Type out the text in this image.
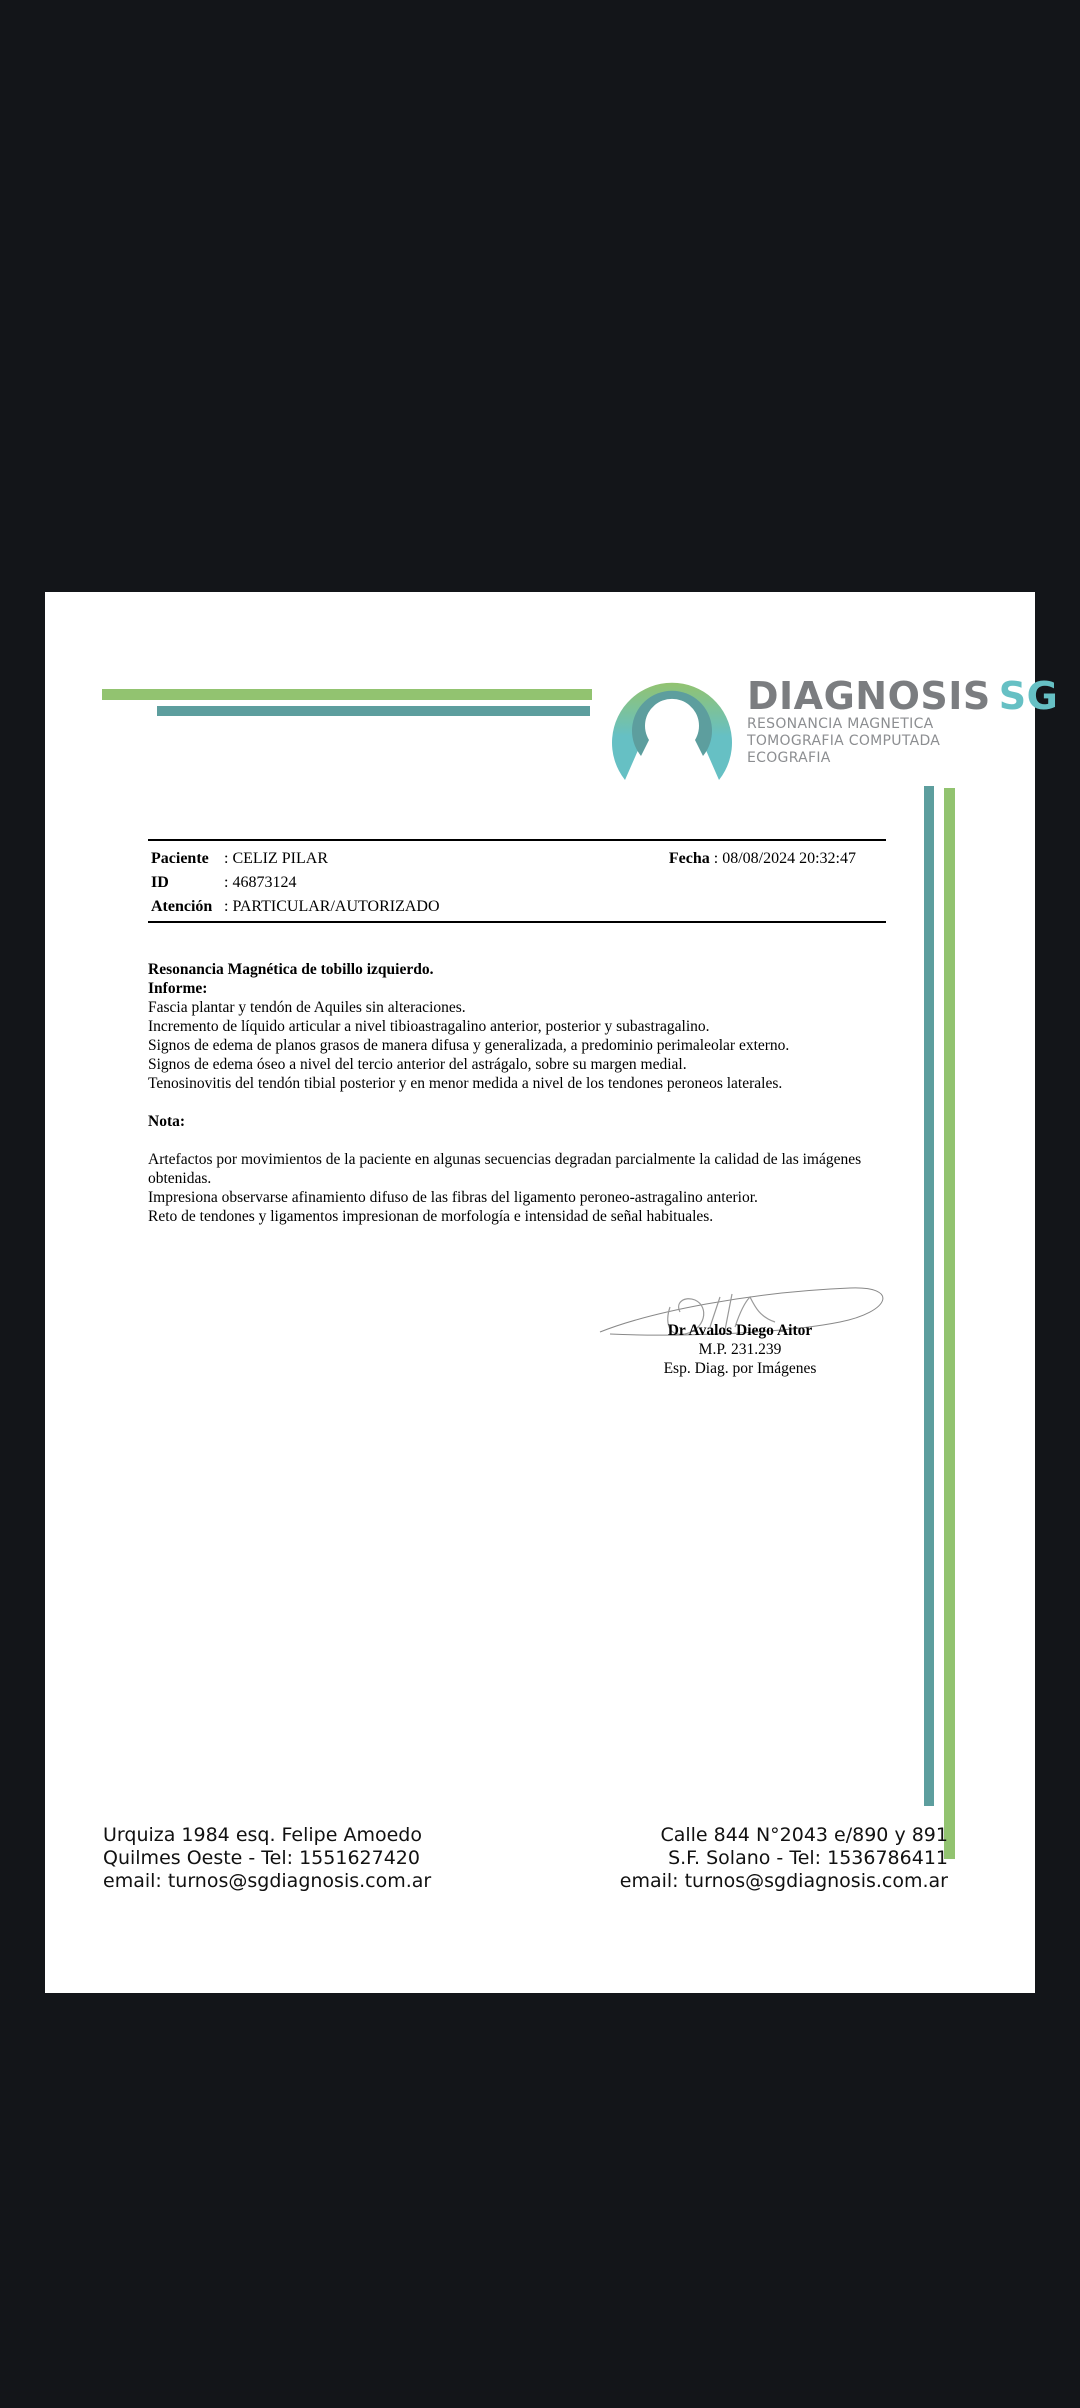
DIAGNOSIS SG
RESONANCIA MAGNETICA
TOMOGRAFIA COMPUTADA
ECOGRAFIA
Paciente : CELIZ PILAR
ID	: 46873124
Atención : PARTICULAR/AUTORIZADO
Fecha : 08/08/2024 20:32:47
Resonancia Magnética de tobillo izquierdo.
Informe:
Fascia plantar y tendón de Aquiles sin alteraciones.
Incremento de líquido articular a nivel tibioastragalino anterior, posterior y subastragalino.
Signos de edema de planos grasos de manera difusa y generalizada, a predominio perimaleolar externo.
Signos de edema óseo a nivel del tercio anterior del astrágalo, sobre su margen medial.
Tenosinovitis del tendón tibial posterior y en menor medida a nivel de los tendones peroneos laterales.
Nota:
Artefactos por movimientos de la paciente en algunas secuencias degradan parcialmente la calidad de las imágenes obtenidas.
Impresiona observarse afinamiento difuso de las fibras del ligamento peroneo-astragalino anterior.
Reto de tendones y ligamentos impresionan de morfología e intensidad de señal habituales.
Dr Avalos Diego Aitor
M.P. 231.239
Esp. Diag. por Imágenes
Urquiza 1984 esq. Felipe Amoedo
Quilmes Oeste - Tel: 1551627420
email: turnos@sgdiagnosis.com.ar
Calle 844 N°2043 e/890 y 891
S.F. Solano - Tel: 1536786411
email: turnos@sgdiagnosis.com.ar
